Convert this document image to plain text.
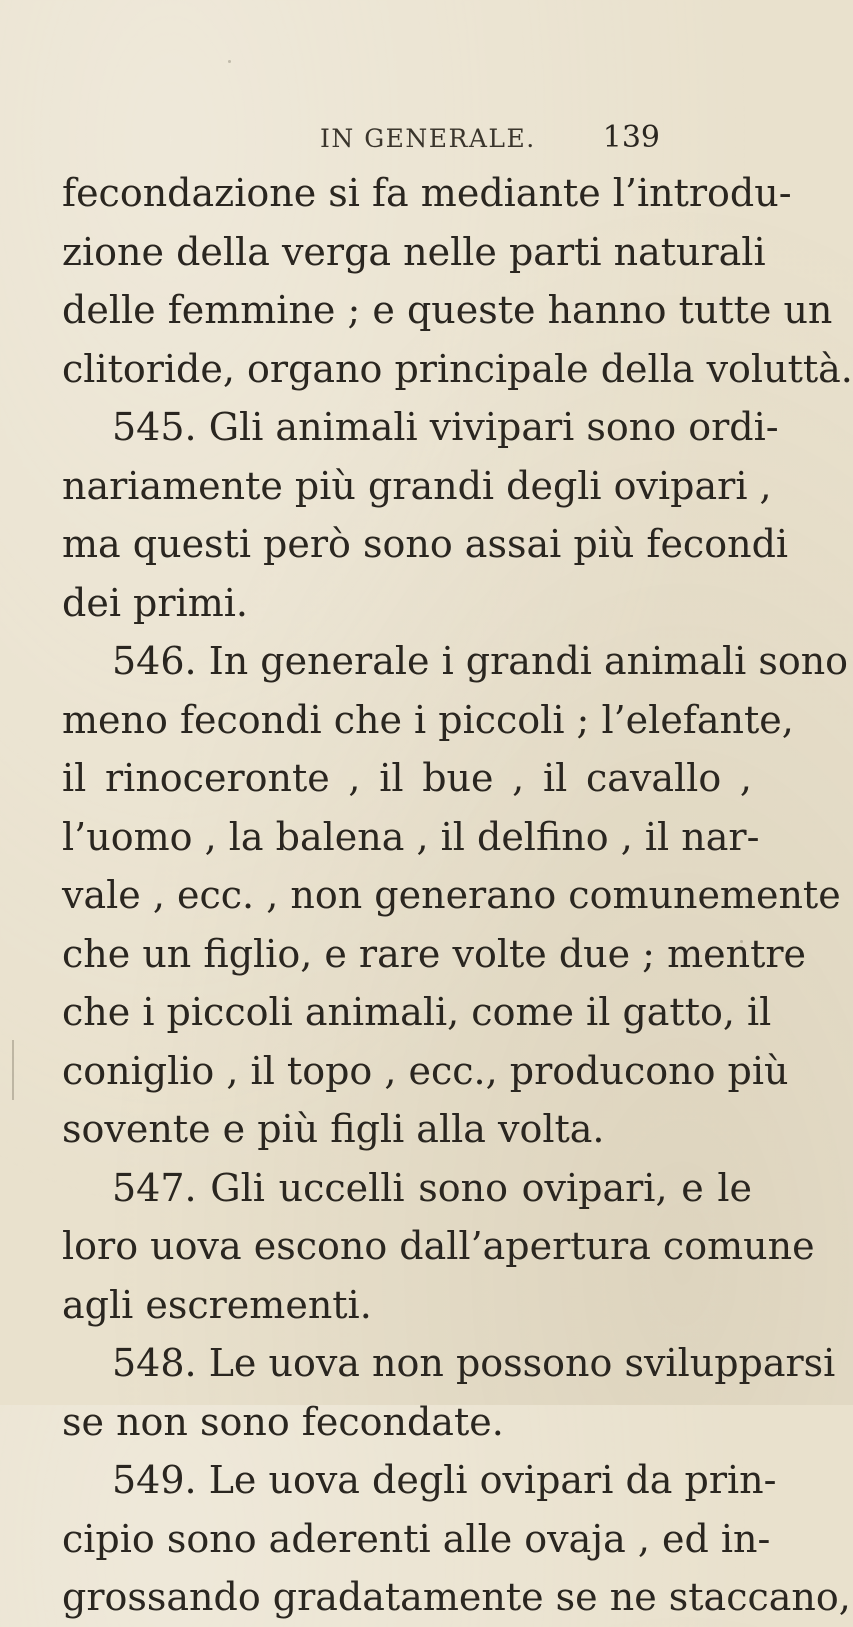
IN GENERALE. 139
fecondazione si fa mediante l’introdu-
zione della verga nelle parti naturali
delle femmine ; e queste hanno tutte un
clitoride, organo principale della voluttà.
545. Gli animali vivipari sono ordi-
nariamente più grandi degli ovipari ,
ma questi però sono assai più fecondi
dei primi.
546. In generale i grandi animali sono
meno fecondi che i piccoli ; l’elefante,
il rinoceronte , il bue , il cavallo ,
l’uomo , la balena , il delfino , il nar-
vale , ecc. , non generano comunemente
che un figlio, e rare volte due ; mentre
che i piccoli animali, come il gatto, il
coniglio , il topo , ecc., producono più
sovente e più figli alla volta.
547. Gli uccelli sono ovipari, e le
loro uova escono dall’apertura comune
agli escrementi.
548. Le uova non possono svilupparsi
se non sono fecondate.
549. Le uova degli ovipari da prin-
cipio sono aderenti alle ovaja , ed in-
grossando gradatamente se ne staccano,
